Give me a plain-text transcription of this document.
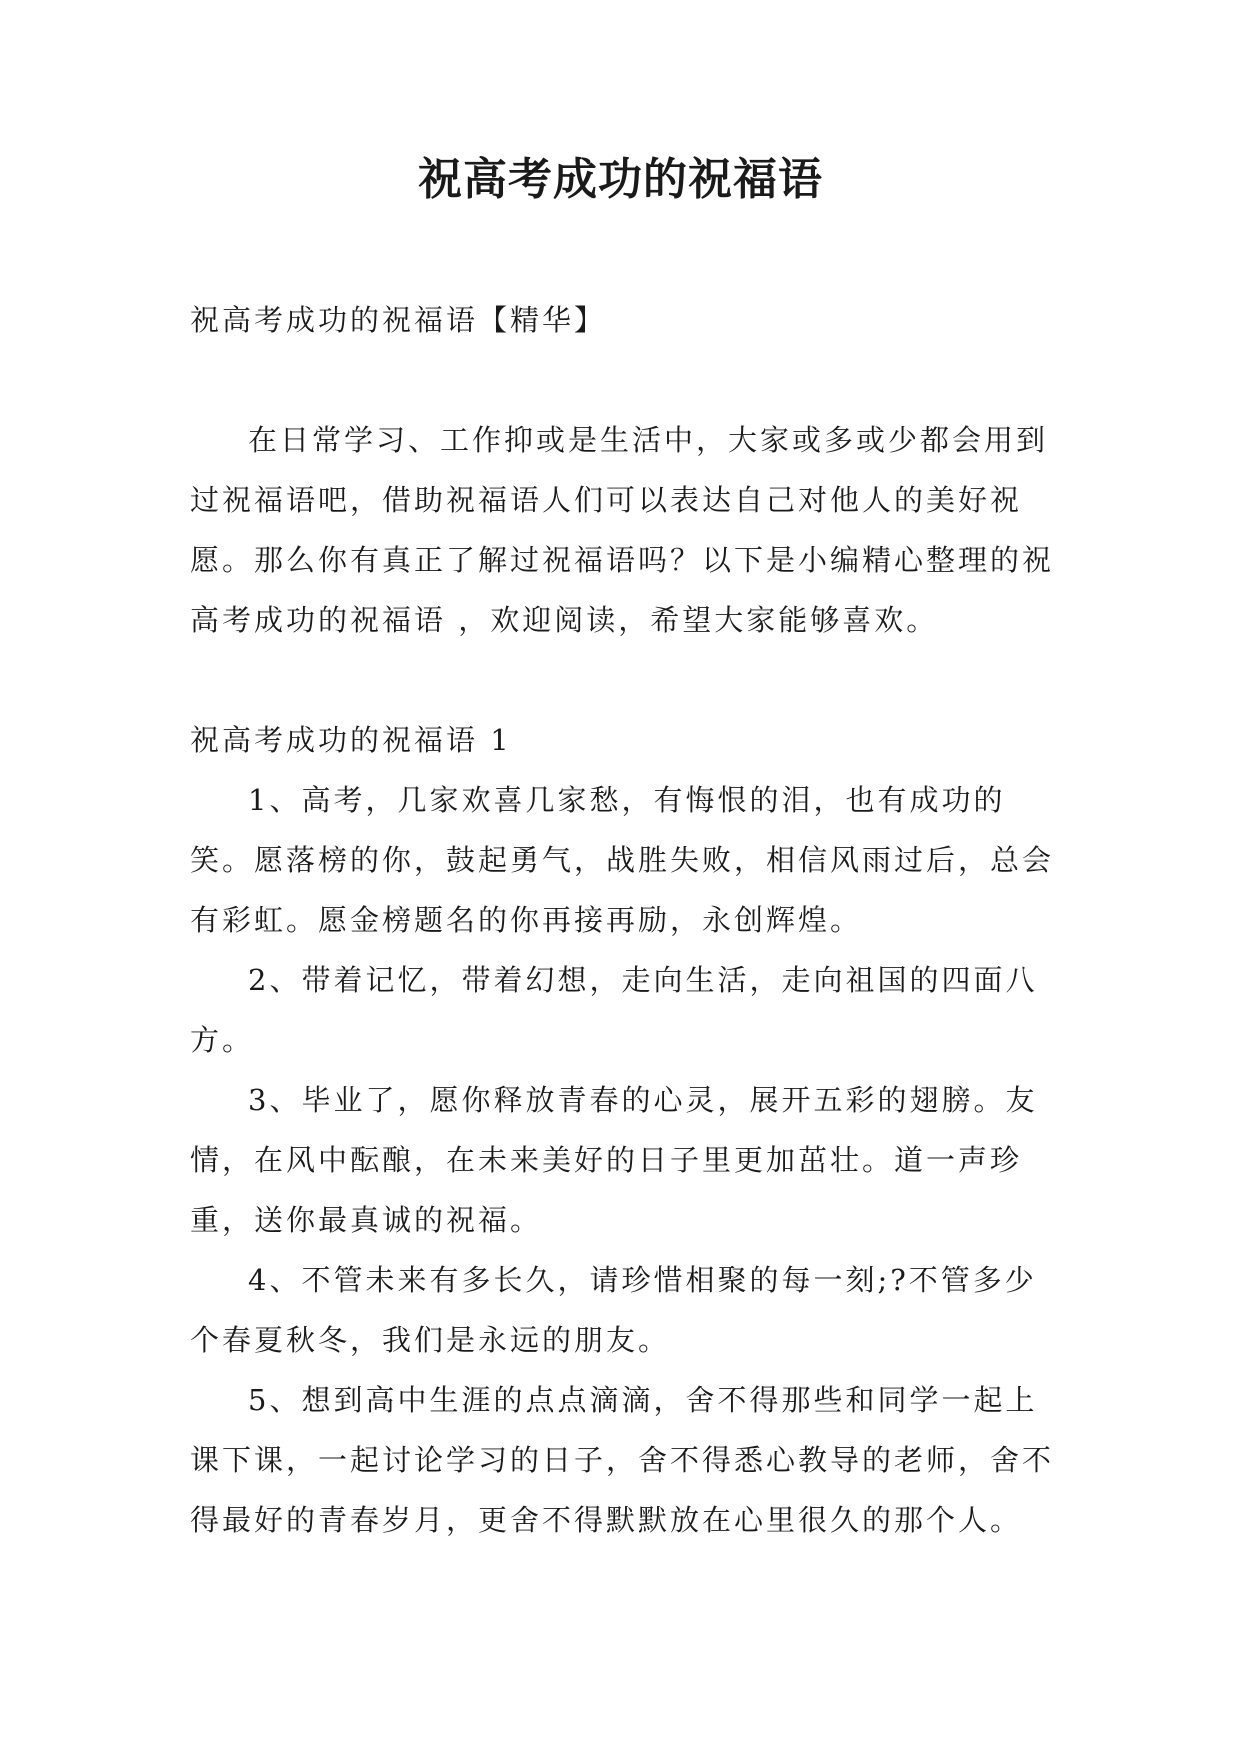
祝高考成功的祝福语

祝高考成功的祝福语【精华】

在日常学习、工作抑或是生活中，大家或多或少都会用到过祝福语吧，借助祝福语人们可以表达自己对他人的美好祝愿。那么你有真正了解过祝福语吗？以下是小编精心整理的祝高考成功的祝福语 ，欢迎阅读，希望大家能够喜欢。

祝高考成功的祝福语 1

1、高考，几家欢喜几家愁，有悔恨的泪，也有成功的笑。愿落榜的你，鼓起勇气，战胜失败，相信风雨过后，总会有彩虹。愿金榜题名的你再接再励，永创辉煌。

2、带着记忆，带着幻想，走向生活，走向祖国的四面八方。

3、毕业了，愿你释放青春的心灵，展开五彩的翅膀。友情，在风中酝酿，在未来美好的日子里更加茁壮。道一声珍重，送你最真诚的祝福。

4、不管未来有多长久，请珍惜相聚的每一刻;?不管多少个春夏秋冬，我们是永远的朋友。

5、想到高中生涯的点点滴滴，舍不得那些和同学一起上课下课，一起讨论学习的日子，舍不得悉心教导的老师，舍不得最好的青春岁月，更舍不得默默放在心里很久的那个人。
